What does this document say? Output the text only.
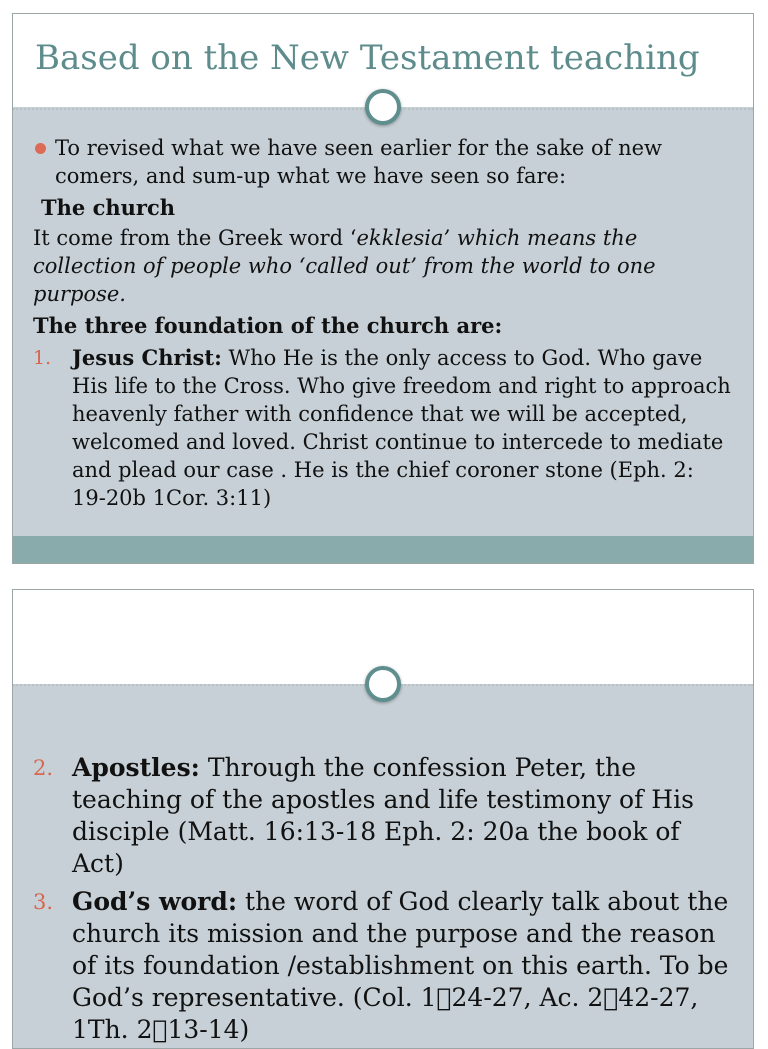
Based on the New Testament teaching
To revised what we have seen earlier for the sake of new comers, and sum-up what we have seen so fare:
The church
It come from the Greek word ‘ekklesia’ which means the collection of people who ‘called out’ from the world to one purpose.
The three foundation of the church are:
1. Jesus Christ: Who He is the only access to God. Who gave His life to the Cross. Who give freedom and right to approach heavenly father with confidence that we will be accepted, welcomed and loved. Christ continue to intercede to mediate and plead our case . He is the chief coroner stone (Eph. 2: 19-20b 1Cor. 3:11)
2. Apostles: Through the confession Peter, the teaching of the apostles and life testimony of His disciple (Matt. 16:13-18 Eph. 2: 20a the book of Act)
3. God’s word: the word of God clearly talk about the church its mission and the purpose and the reason of its foundation /establishment on this earth. To be God’s representative. (Col. 1 24-27, Ac. 2 42-27, 1Th. 2 13-14)
